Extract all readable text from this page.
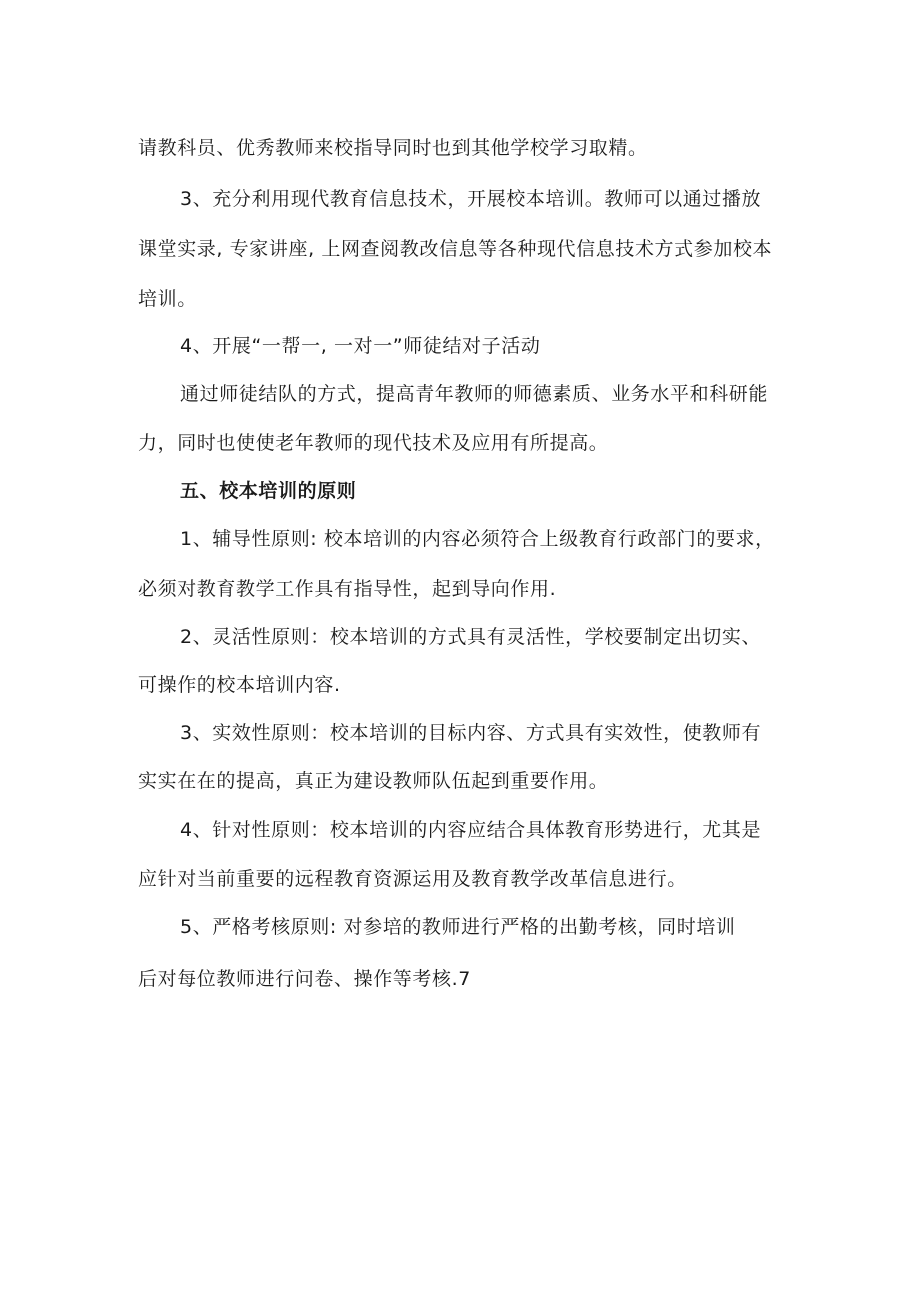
请教科员、优秀教师来校指导同时也到其他学校学习取精。

3、充分利用现代教育信息技术，开展校本培训。教师可以通过播放

课堂实录, 专家讲座, 上网查阅教改信息等各种现代信息技术方式参加校本

培训。

4、开展“一帮一, 一对一”师徒结对子活动

通过师徒结队的方式，提高青年教师的师德素质、业务水平和科研能

力，同时也使使老年教师的现代技术及应用有所提高。

五、校本培训的原则

1、辅导性原则: 校本培训的内容必须符合上级教育行政部门的要求，

必须对教育教学工作具有指导性，起到导向作用.

2、灵活性原则：校本培训的方式具有灵活性，学校要制定出切实、

可操作的校本培训内容.

3、实效性原则：校本培训的目标内容、方式具有实效性，使教师有

实实在在的提高，真正为建设教师队伍起到重要作用。

4、针对性原则：校本培训的内容应结合具体教育形势进行，尤其是

应针对当前重要的远程教育资源运用及教育教学改革信息进行。

5、严格考核原则: 对参培的教师进行严格的出勤考核，同时培训

后对每位教师进行问卷、操作等考核.7
